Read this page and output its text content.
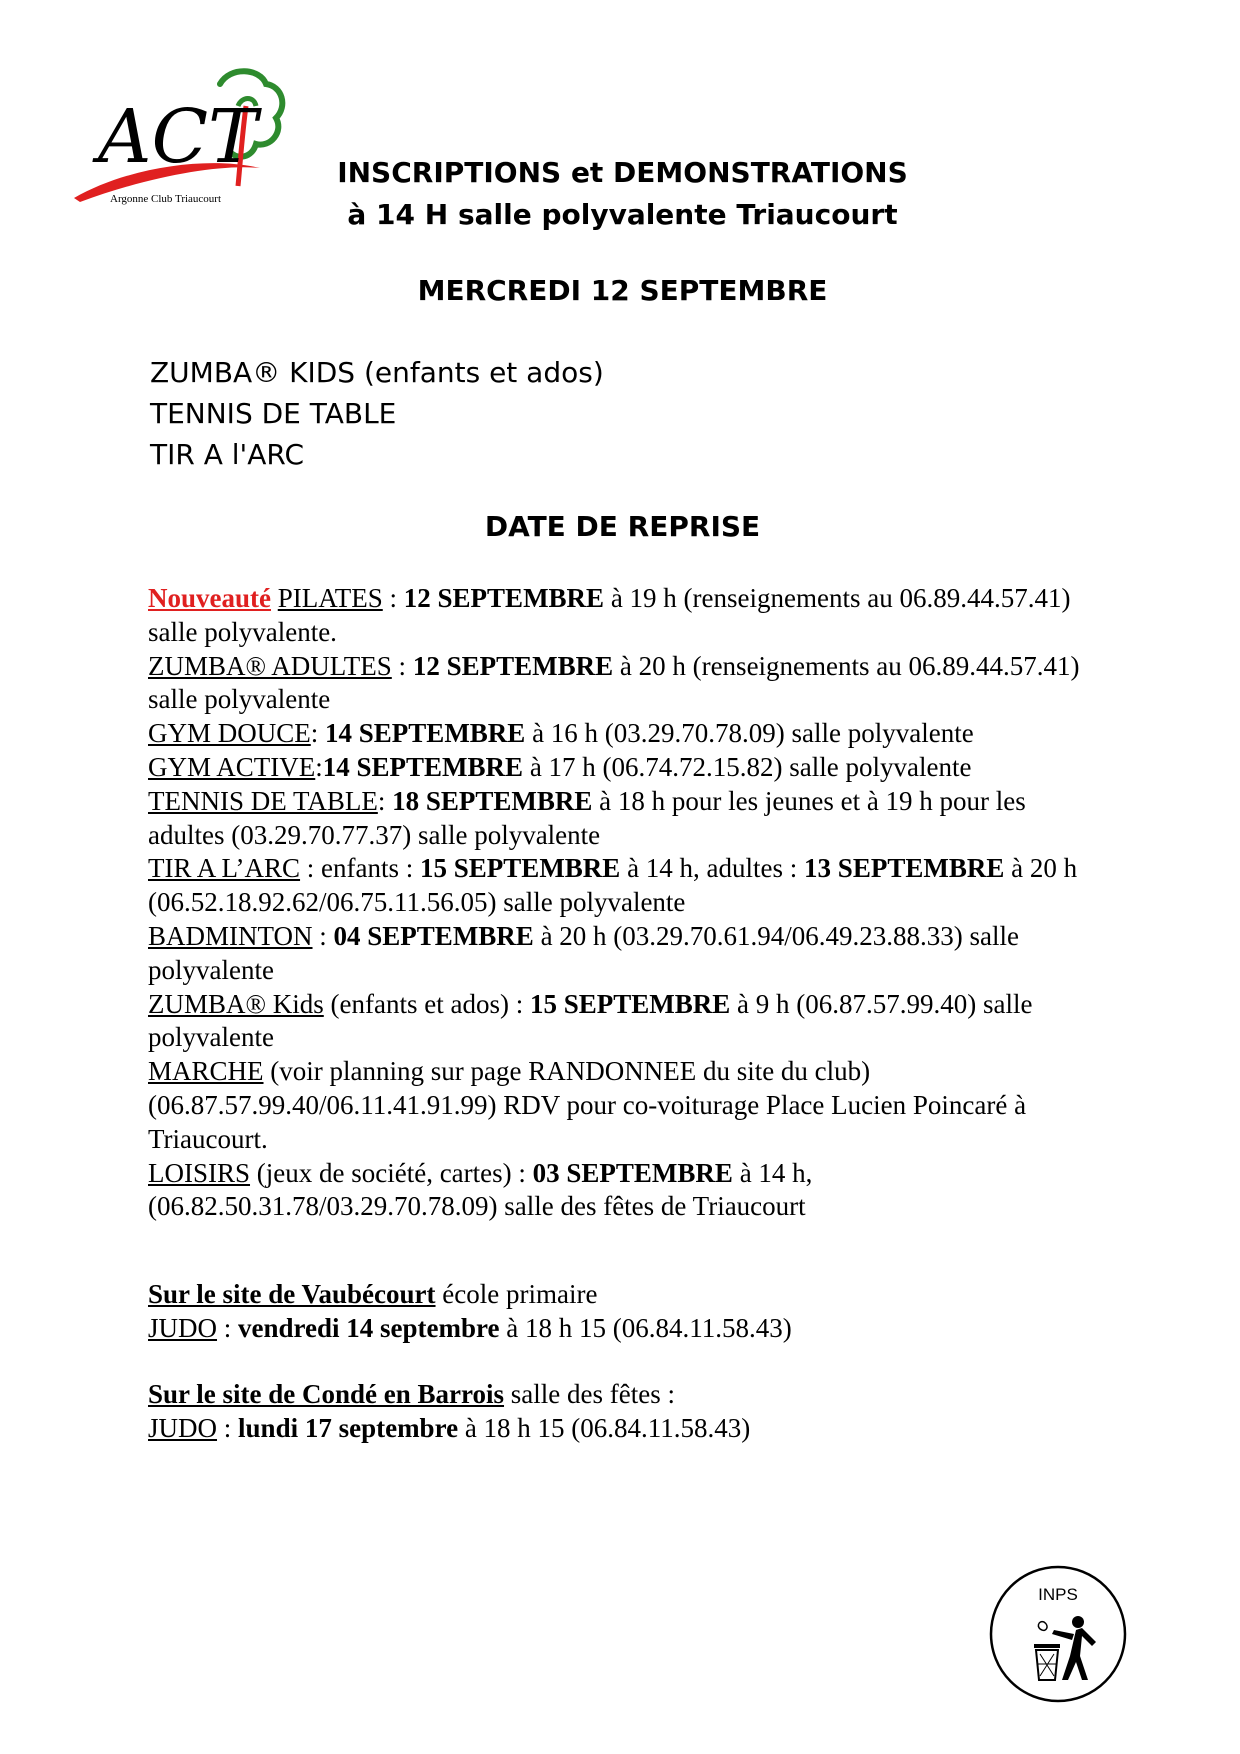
ACT
Argonne Club Triaucourt
INSCRIPTIONS et DEMONSTRATIONS
à 14 H salle polyvalente Triaucourt
MERCREDI 12 SEPTEMBRE
ZUMBA® KIDS (enfants et ados)
TENNIS DE TABLE
TIR A l'ARC
DATE DE REPRISE

Nouveauté PILATES : 12 SEPTEMBRE à 19 h (renseignements au 06.89.44.57.41) salle polyvalente.

ZUMBA® ADULTES : 12 SEPTEMBRE à 20 h (renseignements au 06.89.44.57.41) salle polyvalente

GYM DOUCE: 14 SEPTEMBRE à 16 h (03.29.70.78.09) salle polyvalente

GYM ACTIVE:14 SEPTEMBRE à 17 h (06.74.72.15.82) salle polyvalente

TENNIS DE TABLE: 18 SEPTEMBRE à 18 h pour les jeunes et à 19 h pour les adultes (03.29.70.77.37) salle polyvalente

TIR A L’ARC : enfants : 15 SEPTEMBRE à 14 h, adultes : 13 SEPTEMBRE à 20 h (06.52.18.92.62/06.75.11.56.05) salle polyvalente

BADMINTON : 04 SEPTEMBRE à 20 h (03.29.70.61.94/06.49.23.88.33) salle polyvalente

ZUMBA® Kids (enfants et ados) : 15 SEPTEMBRE à 9 h (06.87.57.99.40) salle polyvalente

MARCHE (voir planning sur page RANDONNEE du site du club) (06.87.57.99.40/06.11.41.91.99) RDV pour co-voiturage Place Lucien Poincaré à Triaucourt.

LOISIRS (jeux de société, cartes) : 03 SEPTEMBRE à 14 h, (06.82.50.31.78/03.29.70.78.09) salle des fêtes de Triaucourt

Sur le site de Vaubécourt école primaire

JUDO : vendredi 14 septembre à 18 h 15 (06.84.11.58.43)

Sur le site de Condé en Barrois salle des fêtes :

JUDO : lundi 17 septembre à 18 h 15 (06.84.11.58.43)

INPS
